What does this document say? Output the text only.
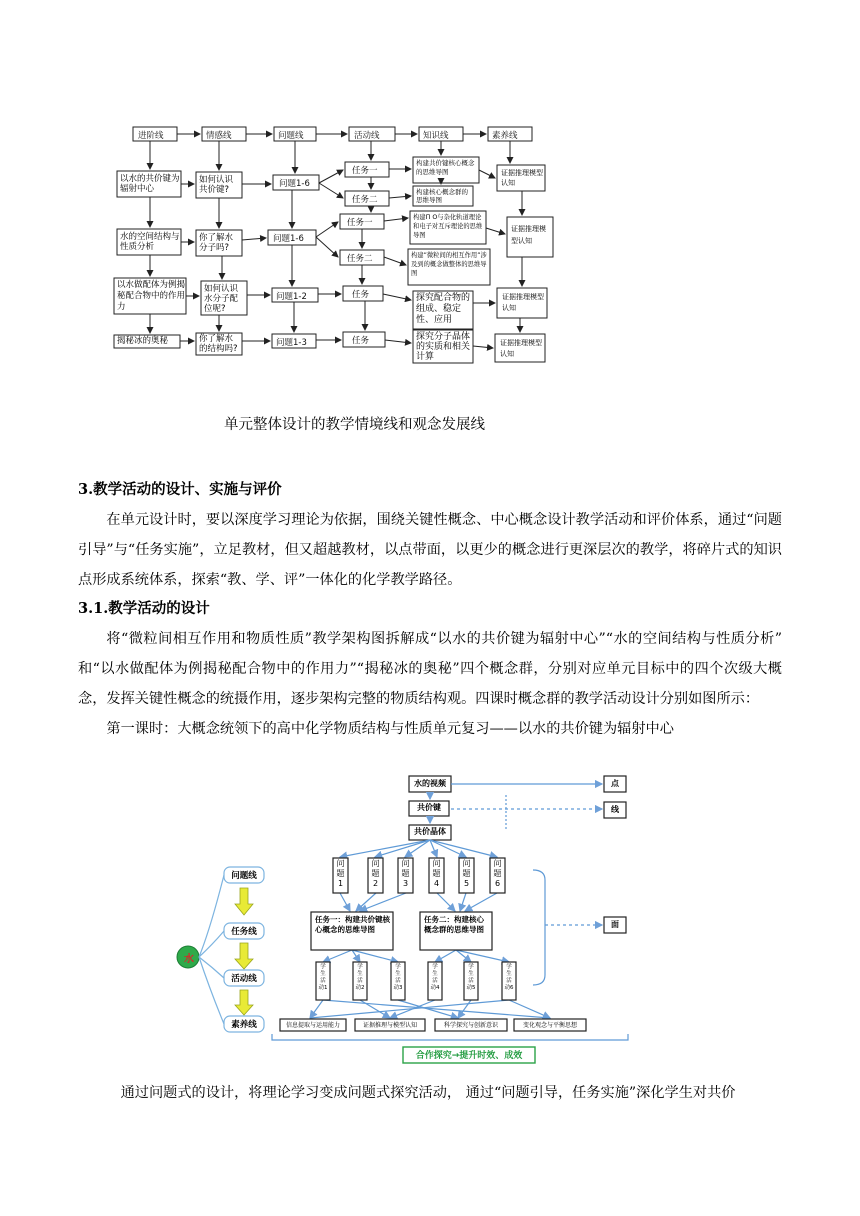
进阶线	情感线	问题线	活动线	知识线	素养线
问题1-6
问题1-6
问题1-2
问题1-3
任务一
任务二
任务一
任务二
任务
任务
以水的共价键为辐射中心
水的空间结构与性质分析
以水做配体为例揭秘配合物中的作用力
揭秘冰的奥秘
如何认识共价键?
你了解水分子吗?
如何认识水分子配位呢?
你了解水的结构吗?
构建共价键核心概念的思维导图
构建核心概念群的思维导图
构建Π O与杂化轨道理论和电子对互斥理论的思维导图
构建”微粒间的相互作用”涉及到的概念做整体的思维导图
探究配合物的组成、稳定性、应用
探究分子晶体的实质和相关计算
证据推理模型认知
证据推理模型认知
证据推理模型认知
证据推理模型认知
单元整体设计的教学情境线和观念发展线

3.教学活动的设计、实施与评价

在单元设计时，要以深度学习理论为依据，围绕关键性概念、中心概念设计教学活动和评价体系，通过“问题引导”与“任务实施”，立足教材，但又超越教材，以点带面，以更少的概念进行更深层次的教学，将碎片式的知识点形成系统体系，探索“教、学、评”一体化的化学教学路径。

3.1.教学活动的设计

将“微粒间相互作用和物质性质”教学架构图拆解成“以水的共价键为辐射中心”“水的空间结构与性质分析” 和“以水做配体为例揭秘配合物中的作用力”“揭秘冰的奥秘”四个概念群，分别对应单元目标中的四个次级大概念，发挥关键性概念的统摄作用，逐步架构完整的物质结构观。四课时概念群的教学活动设计分别如图所示：

第一课时：大概念统领下的高中化学物质结构与性质单元复习——以水的共价键为辐射中心

水
问题线
任务线
活动线
素养线
水的视频
共价键
共价晶体
点
线
面
问题1
问题2
问题3
问题4
问题5
问题6
任务一：构建共价键核心概念的思维导图
任务二：构建核心概念群的思维导图
学生活动1
学生活动2
学生活动3
学生活动4
学生活动5
学生活动6
信息提取与运用能力	证据推理与模型认知	科学探究与创新意识	变化观念与平衡思想
合作探究→提升时效、成效

通过问题式的设计，将理论学习变成问题式探究活动， 通过“问题引导，任务实施”深化学生对共价
